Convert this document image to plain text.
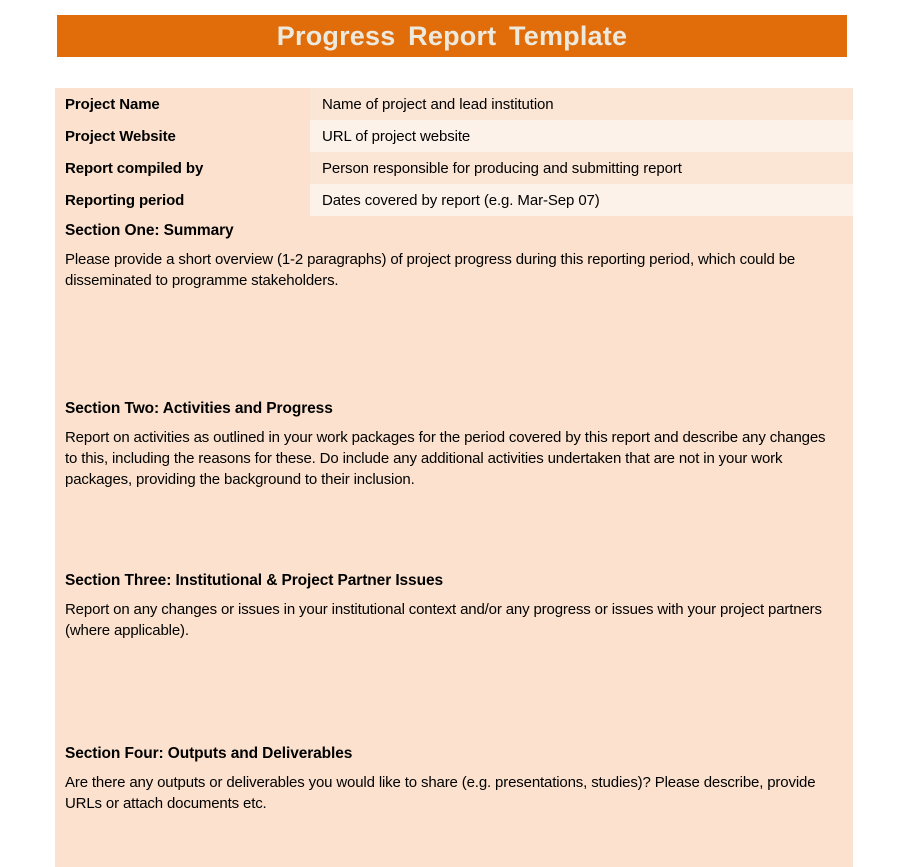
Progress Report Template
Project Name	Name of project and lead institution
Project Website	URL of project website
Report compiled by	Person responsible for producing and submitting report
Reporting period	Dates covered by report (e.g. Mar-Sep 07)
Section One: Summary
Please provide a short overview (1-2 paragraphs) of project progress during this reporting period, which could be disseminated to programme stakeholders.
Section Two: Activities and Progress
Report on activities as outlined in your work packages for the period covered by this report and describe any changes to this, including the reasons for these. Do include any additional activities undertaken that are not in your work packages, providing the background to their inclusion.
Section Three: Institutional & Project Partner Issues
Report on any changes or issues in your institutional context and/or any progress or issues with your project partners (where applicable).
Section Four: Outputs and Deliverables
Are there any outputs or deliverables you would like to share (e.g. presentations, studies)? Please describe, provide URLs or attach documents etc.
